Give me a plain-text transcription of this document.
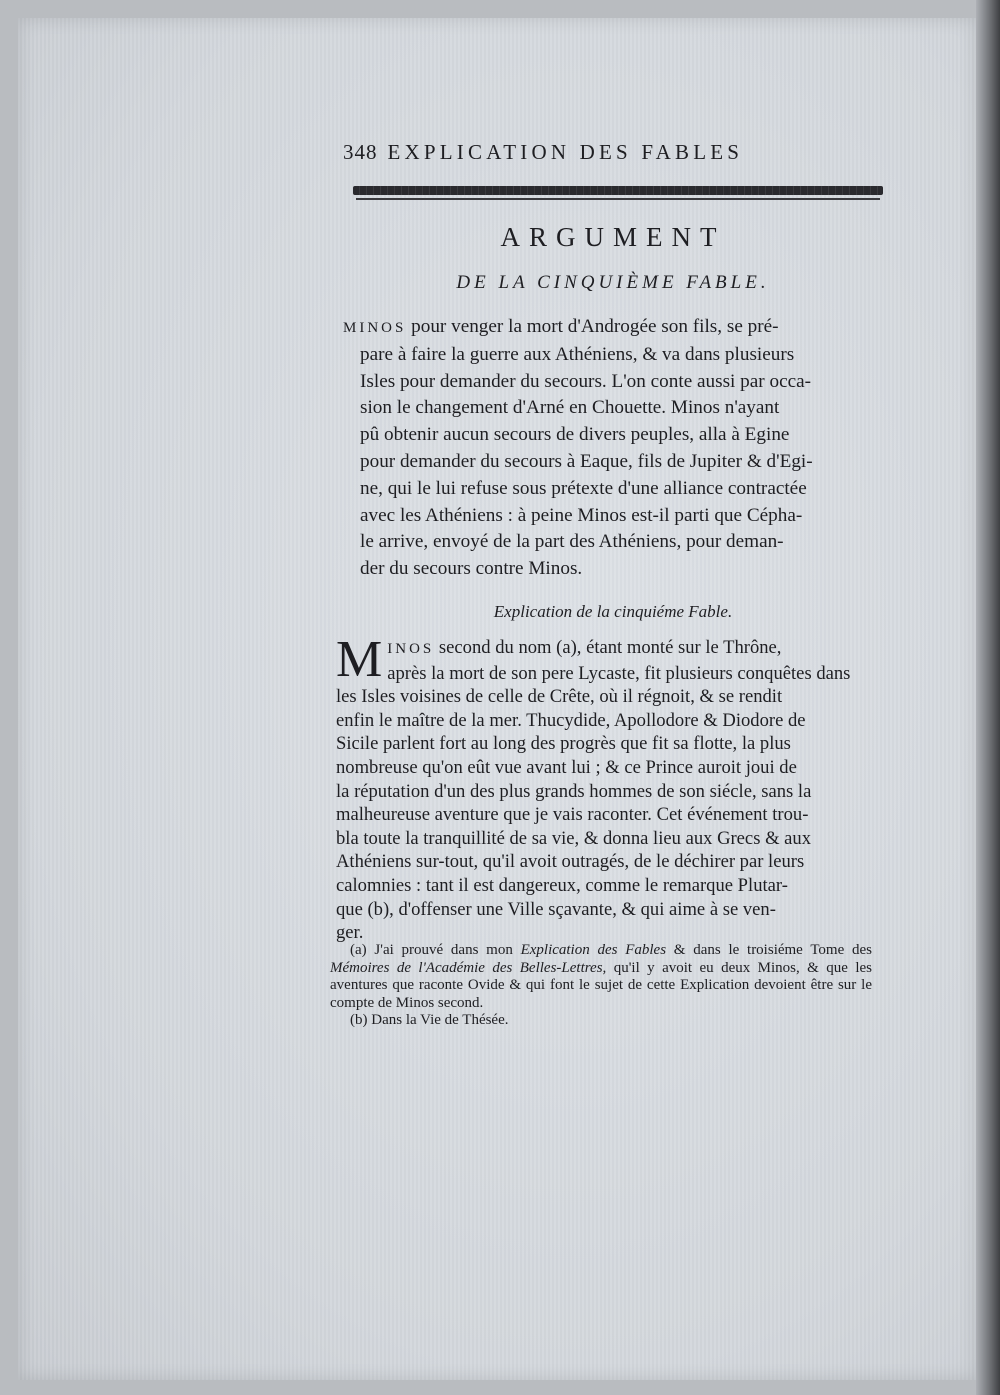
348 EXPLICATION DES FABLES
ARGUMENT
DE LA CINQUIÈME FABLE.
MINOS pour venger la mort d'Androgée son fils, se pré-
pare à faire la guerre aux Athéniens, & va dans plusieurs
Isles pour demander du secours. L'on conte aussi par occa-
sion le changement d'Arné en Chouette. Minos n'ayant
pû obtenir aucun secours de divers peuples, alla à Egine
pour demander du secours à Eaque, fils de Jupiter & d'Egi-
ne, qui le lui refuse sous prétexte d'une alliance contractée
avec les Athéniens : à peine Minos est-il parti que Cépha-
le arrive, envoyé de la part des Athéniens, pour deman-
der du secours contre Minos.
Explication de la cinquiéme Fable.
M INOS second du nom (a), étant monté sur le Thrône,
après la mort de son pere Lycaste, fit plusieurs conquêtes dans
les Isles voisines de celle de Crête, où il régnoit, & se rendit
enfin le maître de la mer. Thucydide, Apollodore & Diodore de
Sicile parlent fort au long des progrès que fit sa flotte, la plus
nombreuse qu'on eût vue avant lui ; & ce Prince auroit joui de
la réputation d'un des plus grands hommes de son siécle, sans la
malheureuse aventure que je vais raconter. Cet événement trou-
bla toute la tranquillité de sa vie, & donna lieu aux Grecs & aux
Athéniens sur-tout, qu'il avoit outragés, de le déchirer par leurs
calomnies : tant il est dangereux, comme le remarque Plutar-
que (b), d'offenser une Ville sçavante, & qui aime à se ven-
ger.

(a) J'ai prouvé dans mon Explication des Fables & dans le troisiéme Tome des Mémoires de l'Académie des Belles-Lettres, qu'il y avoit eu deux Minos, & que les aventures que raconte Ovide & qui font le sujet de cette Explication devoient être sur le compte de Minos second.

(b) Dans la Vie de Thésée.
